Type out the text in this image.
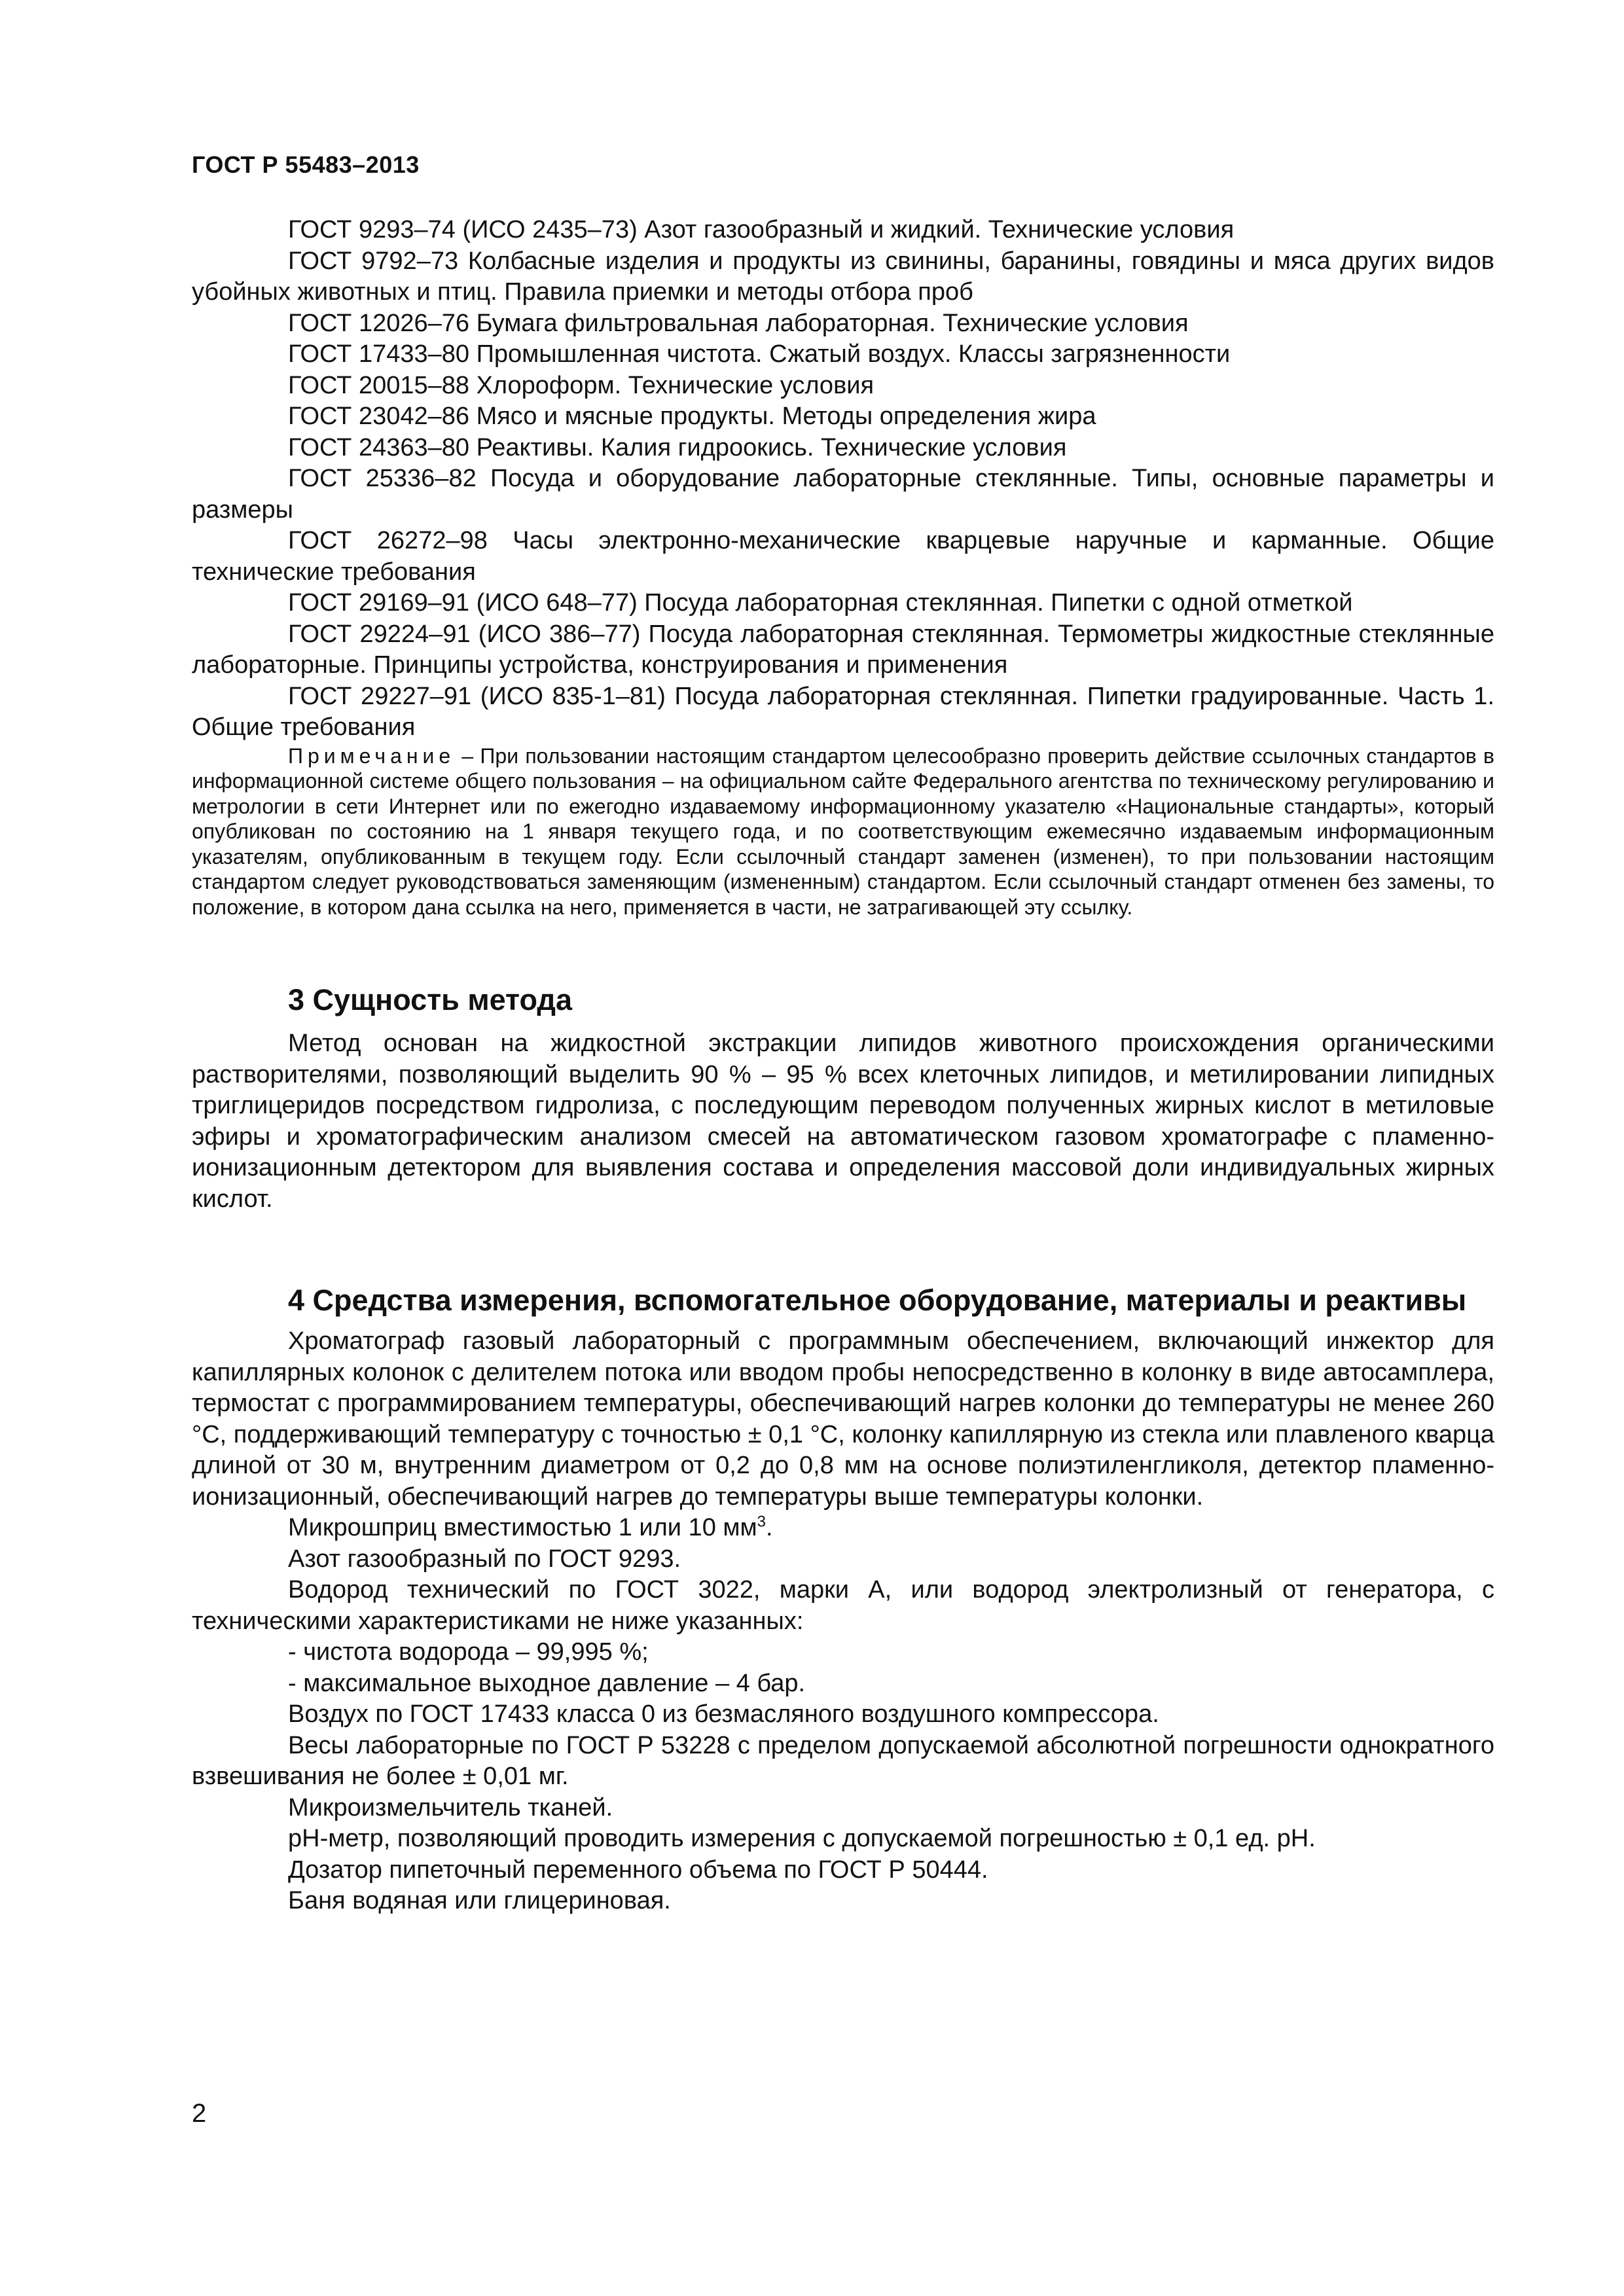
ГОСТ Р 55483–2013

ГОСТ 9293–74 (ИСО 2435–73) Азот газообразный и жидкий. Технические условия

ГОСТ 9792–73 Колбасные изделия и продукты из свинины, баранины, говядины и мяса других видов убойных животных и птиц. Правила приемки и методы отбора проб

ГОСТ 12026–76 Бумага фильтровальная лабораторная. Технические условия

ГОСТ 17433–80 Промышленная чистота. Сжатый воздух. Классы загрязненности

ГОСТ 20015–88 Хлороформ. Технические условия

ГОСТ 23042–86 Мясо и мясные продукты. Методы определения жира

ГОСТ 24363–80 Реактивы. Калия гидроокись. Технические условия

ГОСТ 25336–82 Посуда и оборудование лабораторные стеклянные. Типы, основные параметры и размеры

ГОСТ 26272–98 Часы электронно-механические кварцевые наручные и карманные. Общие технические требования

ГОСТ 29169–91 (ИСО 648–77) Посуда лабораторная стеклянная. Пипетки с одной отметкой

ГОСТ 29224–91 (ИСО 386–77) Посуда лабораторная стеклянная. Термометры жидкостные стеклянные лабораторные. Принципы устройства, конструирования и применения

ГОСТ 29227–91 (ИСО 835-1–81) Посуда лабораторная стеклянная. Пипетки градуированные. Часть 1. Общие требования

Примечание – При пользовании настоящим стандартом целесообразно проверить действие ссылочных стандартов в информационной системе общего пользования – на официальном сайте Федерального агентства по техническому регулированию и метрологии в сети Интернет или по ежегодно издаваемому информационному указателю «Национальные стандарты», который опубликован по состоянию на 1 января текущего года, и по соответствующим ежемесячно издаваемым информационным указателям, опубликованным в текущем году. Если ссылочный стандарт заменен (изменен), то при пользовании настоящим стандартом следует руководствоваться заменяющим (измененным) стандартом. Если ссылочный стандарт отменен без замены, то положение, в котором дана ссылка на него, применяется в части, не затрагивающей эту ссылку.

3 Сущность метода

Метод основан на жидкостной экстракции липидов животного происхождения органическими растворителями, позволяющий выделить 90 % – 95 % всех клеточных липидов, и метилировании липидных триглицеридов посредством гидролиза, с последующим переводом полученных жирных кислот в метиловые эфиры и хроматографическим анализом смесей на автоматическом газовом хроматографе с пламенно-ионизационным детектором для выявления состава и определения массовой доли индивидуальных жирных кислот.

4 Средства измерения, вспомогательное оборудование, материалы и реактивы

Хроматограф газовый лабораторный с программным обеспечением, включающий инжектор для капиллярных колонок с делителем потока или вводом пробы непосредственно в колонку в виде автосамплера, термостат с программированием температуры, обеспечивающий нагрев колонки до температуры не менее 260 °С, поддерживающий температуру с точностью ± 0,1 °С, колонку капиллярную из стекла или плавленого кварца длиной от 30 м, внутренним диаметром от 0,2 до 0,8 мм на основе полиэтиленгликоля, детектор пламенно-ионизационный, обеспечивающий нагрев до температуры выше температуры колонки.

Микрошприц вместимостью 1 или 10 $мм^3$.

Азот газообразный по ГОСТ 9293.

Водород технический по ГОСТ 3022, марки А, или водород электролизный от генератора, с техническими характеристиками не ниже указанных:

- чистота водорода – 99,995 %;

- максимальное выходное давление – 4 бар.

Воздух по ГОСТ 17433 класса 0 из безмасляного воздушного компрессора.

Весы лабораторные по ГОСТ Р 53228 с пределом допускаемой абсолютной погрешности однократного взвешивания не более ± 0,01 мг.

Микроизмельчитель тканей.

рН-метр, позволяющий проводить измерения с допускаемой погрешностью ± 0,1 ед. рН.

Дозатор пипеточный переменного объема по ГОСТ Р 50444.

Баня водяная или глицериновая.

2
